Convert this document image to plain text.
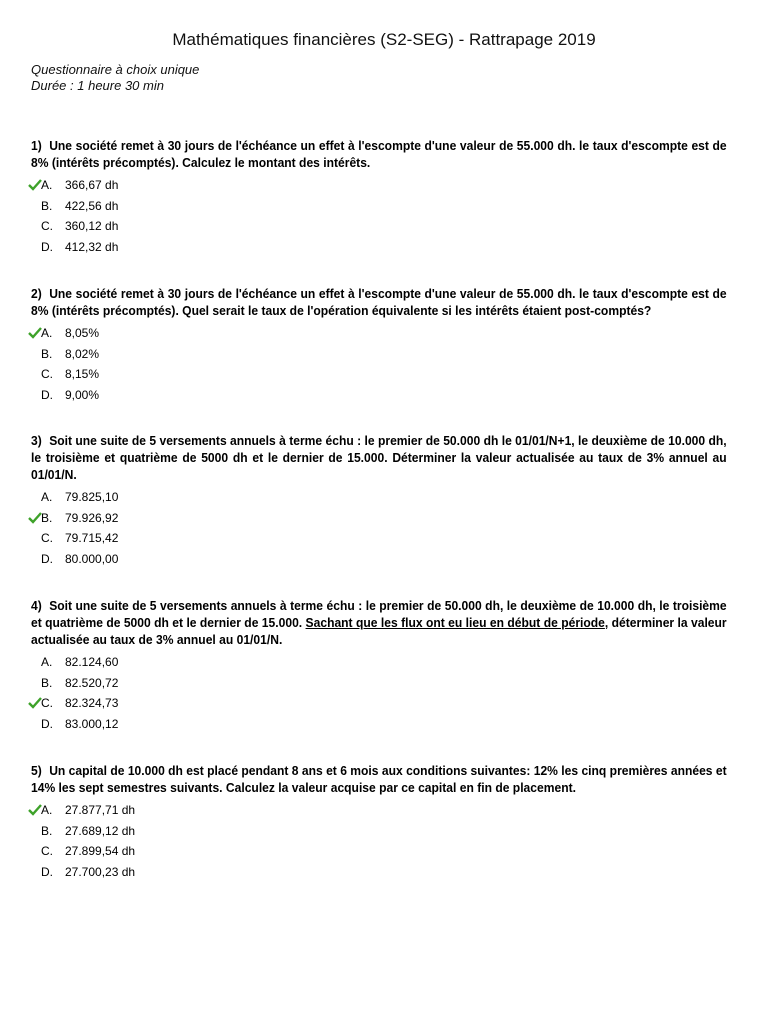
Mathématiques financières (S2-SEG) - Rattrapage 2019
Questionnaire à choix unique
Durée : 1 heure 30 min

1) Une société remet à 30 jours de l'échéance un effet à l'escompte d'une valeur de 55.000 dh. le taux d'escompte est de 8% (intérêts précomptés). Calculez le montant des intérêts.

A. 366,67 dh
B. 422,56 dh
C. 360,12 dh
D. 412,32 dh

2) Une société remet à 30 jours de l'échéance un effet à l'escompte d'une valeur de 55.000 dh. le taux d'escompte est de 8% (intérêts précomptés). Quel serait le taux de l'opération équivalente si les intérêts étaient post-comptés?

A. 8,05%
B. 8,02%
C. 8,15%
D. 9,00%

3) Soit une suite de 5 versements annuels à terme échu : le premier de 50.000 dh le 01/01/N+1, le deuxième de 10.000 dh, le troisième et quatrième de 5000 dh et le dernier de 15.000. Déterminer la valeur actualisée au taux de 3% annuel au 01/01/N.

A. 79.825,10
B. 79.926,92
C. 79.715,42
D. 80.000,00

4) Soit une suite de 5 versements annuels à terme échu : le premier de 50.000 dh, le deuxième de 10.000 dh, le troisième et quatrième de 5000 dh et le dernier de 15.000. Sachant que les flux ont eu lieu en début de période, déterminer la valeur actualisée au taux de 3% annuel au 01/01/N.

A. 82.124,60
B. 82.520,72
C. 82.324,73
D. 83.000,12

5) Un capital de 10.000 dh est placé pendant 8 ans et 6 mois aux conditions suivantes: 12% les cinq premières années et 14% les sept semestres suivants. Calculez la valeur acquise par ce capital en fin de placement.

A. 27.877,71 dh
B. 27.689,12 dh
C. 27.899,54 dh
D. 27.700,23 dh
